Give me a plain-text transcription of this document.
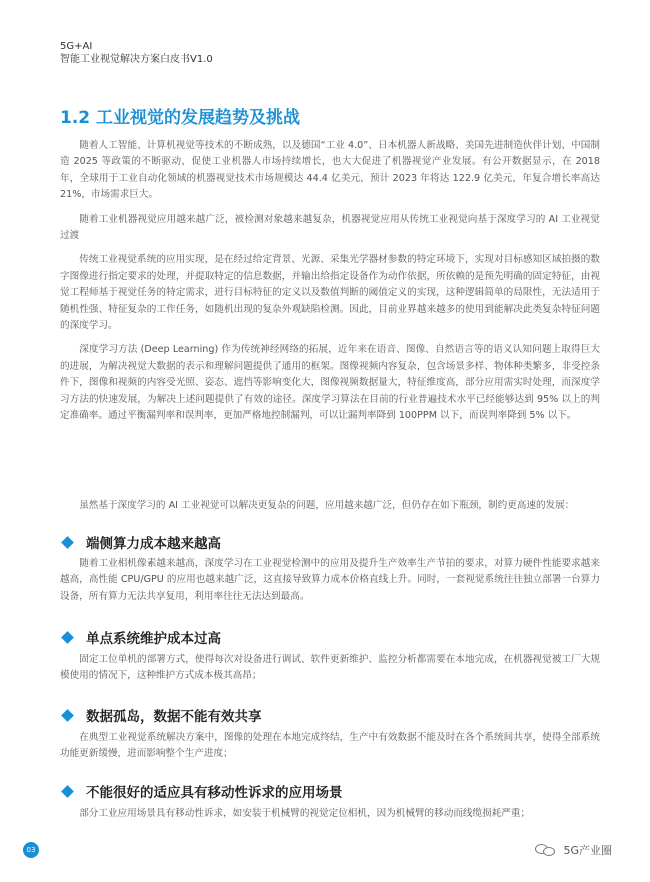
5G+AI
智能工业视觉解决方案白皮书V1.0
1.2 工业视觉的发展趋势及挑战

随着人工智能、计算机视觉等技术的不断成熟，以及德国“工业 4.0”、日本机器人新战略、美国先进制造伙伴计划、中国制造 2025 等政策的不断驱动，促使工业机器人市场持续增长，也大大促进了机器视觉产业发展。有公开数据显示，在 2018 年，全球用于工业自动化领域的机器视觉技术市场规模达 44.4 亿美元，预计 2023 年将达 122.9 亿美元，年复合增长率高达 21%，市场需求巨大。

随着工业机器视觉应用越来越广泛，被检测对象越来越复杂，机器视觉应用从传统工业视觉向基于深度学习的 AI 工业视觉过渡

传统工业视觉系统的应用实现，是在经过给定背景、光源、采集光学器材参数的特定环境下，实现对目标感知区域拍摄的数字图像进行指定要求的处理，并提取特定的信息数据，并输出给指定设备作为动作依据，所依赖的是预先明确的固定特征，由视觉工程师基于视觉任务的特定需求，进行目标特征的定义以及数值判断的阈值定义的实现，这种逻辑简单的局限性，无法适用于随机性强、特征复杂的工作任务，如随机出现的复杂外观缺陷检测。因此，目前业界越来越多的使用到能解决此类复杂特征问题的深度学习。

深度学习方法 (Deep Learning) 作为传统神经网络的拓展，近年来在语音、图像、自然语言等的语义认知问题上取得巨大的进展，为解决视觉大数据的表示和理解问题提供了通用的框架。图像视频内容复杂，包含场景多样、物体种类繁多，非受控条件下，图像和视频的内容受光照、姿态、遮挡等影响变化大，图像视频数据量大，特征维度高，部分应用需实时处理，而深度学习方法的快速发展，为解决上述问题提供了有效的途径。深度学习算法在目前的行业普遍技术水平已经能够达到 95% 以上的判定准确率。通过平衡漏判率和误判率，更加严格地控制漏判，可以让漏判率降到 100PPM 以下，而误判率降到 5% 以下。

虽然基于深度学习的 AI 工业视觉可以解决更复杂的问题，应用越来越广泛，但仍存在如下瓶颈，制约更高速的发展：

端侧算力成本越来越高

随着工业相机像素越来越高，深度学习在工业视觉检测中的应用及提升生产效率生产节拍的要求，对算力硬件性能要求越来越高，高性能 CPU/GPU 的应用也越来越广泛，这直接导致算力成本价格直线上升。同时，一套视觉系统往往独立部署一台算力设备，所有算力无法共享复用，利用率往往无法达到最高。

单点系统维护成本过高

固定工位单机的部署方式，使得每次对设备进行调试、软件更新维护、监控分析都需要在本地完成，在机器视觉被工厂大规模使用的情况下，这种维护方式成本极其高昂；

数据孤岛，数据不能有效共享

在典型工业视觉系统解决方案中，图像的处理在本地完成终结，生产中有效数据不能及时在各个系统间共享，使得全部系统功能更新缓慢，进而影响整个生产进度；

不能很好的适应具有移动性诉求的应用场景

部分工业应用场景具有移动性诉求，如安装于机械臂的视觉定位相机，因为机械臂的移动而线缆损耗严重；

03	5G产业圈
